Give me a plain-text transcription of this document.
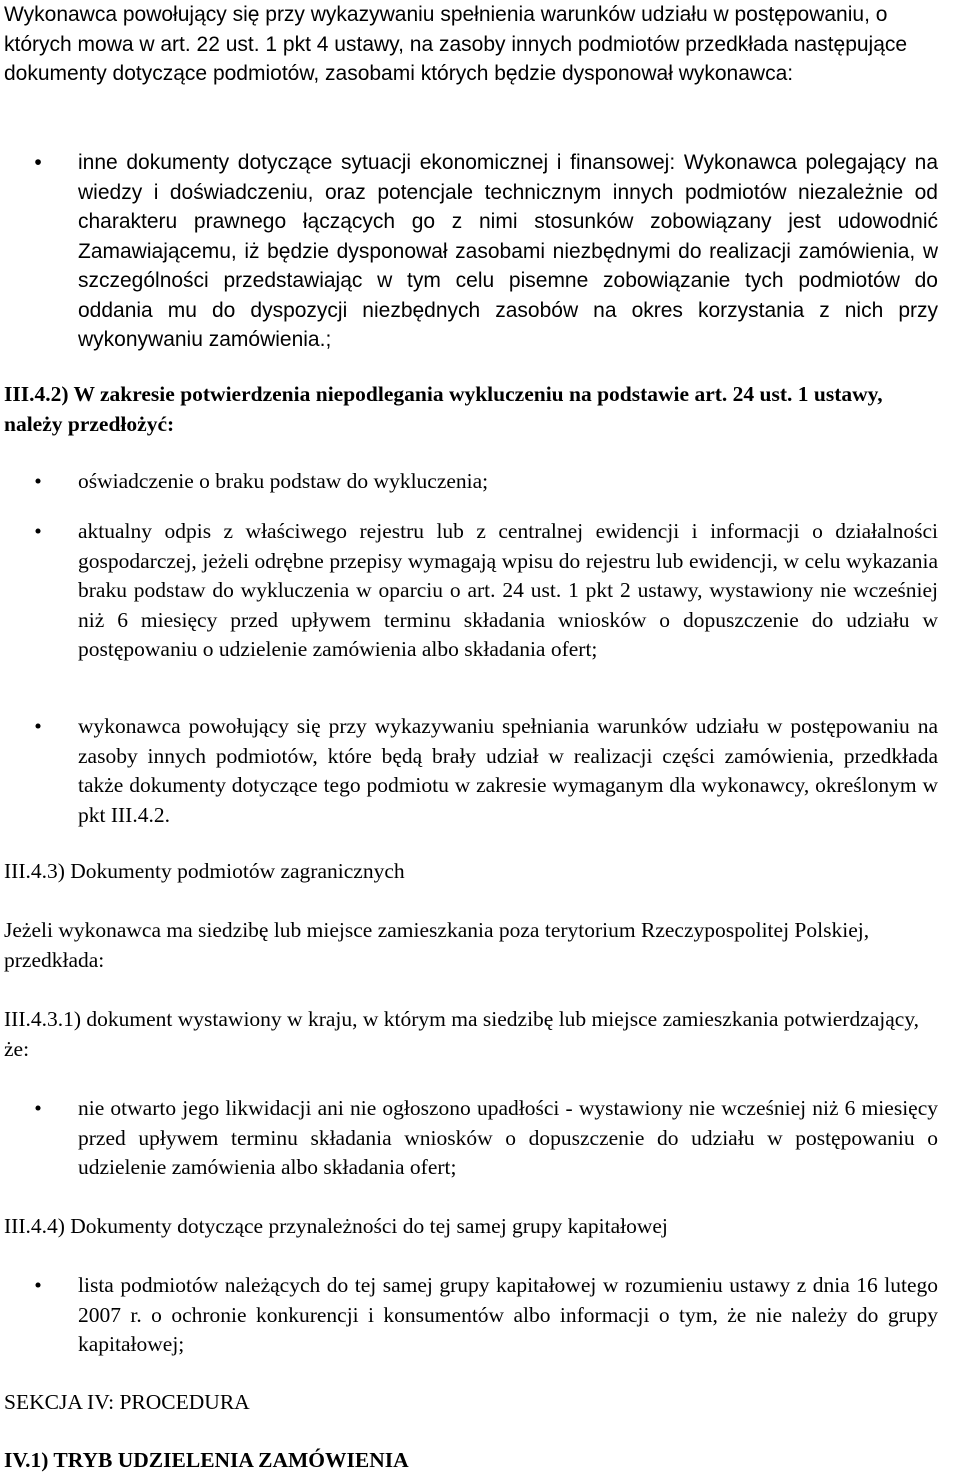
Wykonawca powołujący się przy wykazywaniu spełnienia warunków udziału w postępowaniu, o których mowa w art. 22 ust. 1 pkt 4 ustawy, na zasoby innych podmiotów przedkłada następujące dokumenty dotyczące podmiotów, zasobami których będzie dysponował wykonawca:

• inne dokumenty dotyczące sytuacji ekonomicznej i finansowej: Wykonawca polegający na wiedzy i doświadczeniu, oraz potencjale technicznym innych podmiotów niezależnie od charakteru prawnego łączących go z nimi stosunków zobowiązany jest udowodnić Zamawiającemu, iż będzie dysponował zasobami niezbędnymi do realizacji zamówienia, w szczególności przedstawiając w tym celu pisemne zobowiązanie tych podmiotów do oddania mu do dyspozycji niezbędnych zasobów na okres korzystania z nich przy wykonywaniu zamówienia.;

III.4.2) W zakresie potwierdzenia niepodlegania wykluczeniu na podstawie art. 24 ust. 1 ustawy, należy przedłożyć:

• oświadczenie o braku podstaw do wykluczenia;

• aktualny odpis z właściwego rejestru lub z centralnej ewidencji i informacji o działalności gospodarczej, jeżeli odrębne przepisy wymagają wpisu do rejestru lub ewidencji, w celu wykazania braku podstaw do wykluczenia w oparciu o art. 24 ust. 1 pkt 2 ustawy, wystawiony nie wcześniej niż 6 miesięcy przed upływem terminu składania wniosków o dopuszczenie do udziału w postępowaniu o udzielenie zamówienia albo składania ofert;

• wykonawca powołujący się przy wykazywaniu spełniania warunków udziału w postępowaniu na zasoby innych podmiotów, które będą brały udział w realizacji części zamówienia, przedkłada także dokumenty dotyczące tego podmiotu w zakresie wymaganym dla wykonawcy, określonym w pkt III.4.2.

III.4.3) Dokumenty podmiotów zagranicznych

Jeżeli wykonawca ma siedzibę lub miejsce zamieszkania poza terytorium Rzeczypospolitej Polskiej, przedkłada:

III.4.3.1) dokument wystawiony w kraju, w którym ma siedzibę lub miejsce zamieszkania potwierdzający, że:

• nie otwarto jego likwidacji ani nie ogłoszono upadłości - wystawiony nie wcześniej niż 6 miesięcy przed upływem terminu składania wniosków o dopuszczenie do udziału w postępowaniu o udzielenie zamówienia albo składania ofert;

III.4.4) Dokumenty dotyczące przynależności do tej samej grupy kapitałowej

• lista podmiotów należących do tej samej grupy kapitałowej w rozumieniu ustawy z dnia 16 lutego 2007 r. o ochronie konkurencji i konsumentów albo informacji o tym, że nie należy do grupy kapitałowej;

SEKCJA IV: PROCEDURA

IV.1) TRYB UDZIELENIA ZAMÓWIENIA
